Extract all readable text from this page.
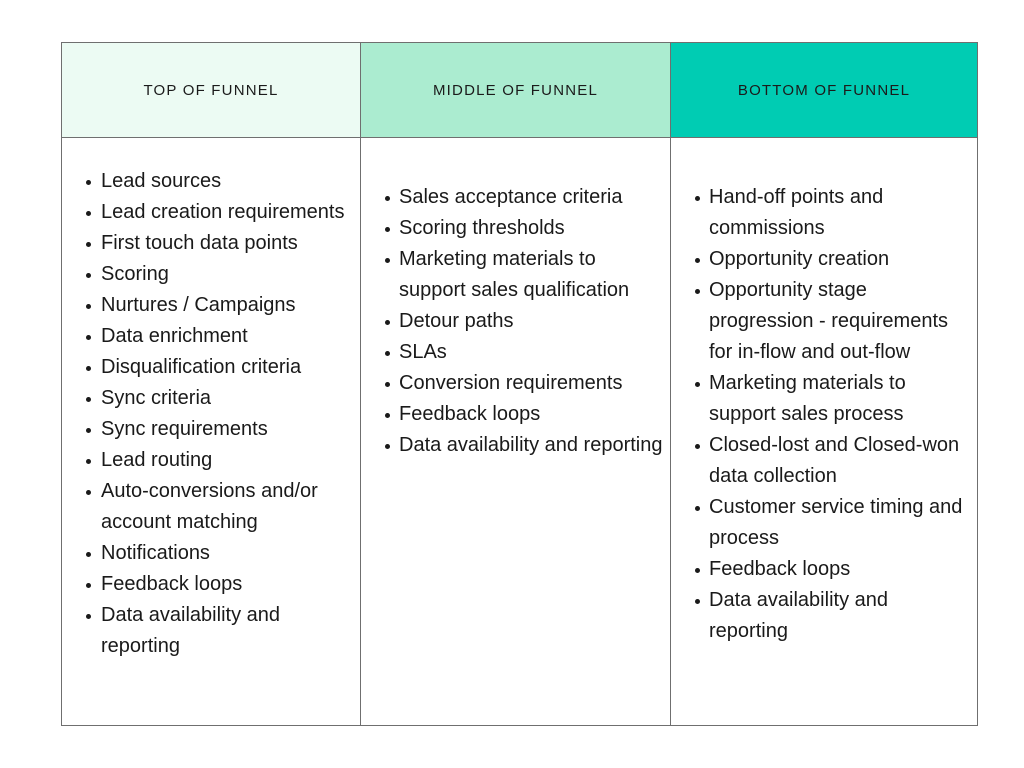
TOP OF FUNNEL	MIDDLE OF FUNNEL	BOTTOM OF FUNNEL
Lead sources
Lead creation requirements
First touch data points
Scoring
Nurtures / Campaigns
Data enrichment
Disqualification criteria
Sync criteria
Sync requirements
Lead routing
Auto-conversions and/or account matching
Notifications
Feedback loops
Data availability and reporting
Sales acceptance criteria
Scoring thresholds
Marketing materials to support sales qualification
Detour paths
SLAs
Conversion requirements
Feedback loops
Data availability and reporting
Hand-off points and commissions
Opportunity creation
Opportunity stage progression - requirements for in-flow and out-flow
Marketing materials to support sales process
Closed-lost and Closed-won data collection
Customer service timing and process
Feedback loops
Data availability and reporting
